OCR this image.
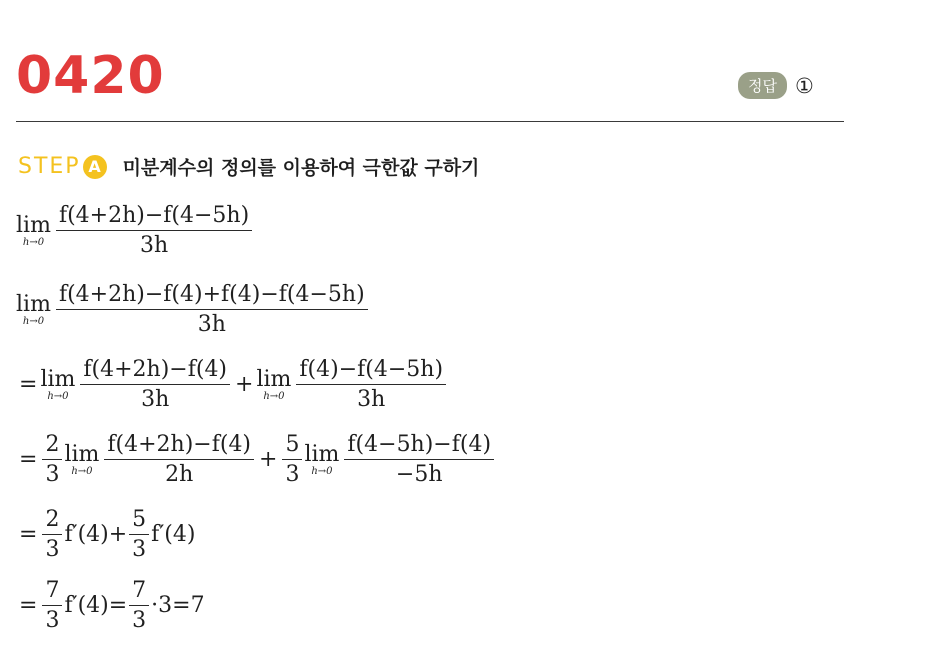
0420	정답 ①
STEP A	미분계수의 정의를 이용하여 극한값 구하기
lim
$h\to 0 \frac{f(4+2h)-f(4-5h)}{3h}$
lim
$h\to 0 \frac{f(4+2h)-f(4)+f(4)-f(4-5h)}{3h}$
= lim
$h\to 0 \frac{f(4+2h)-f(4)}{3h} + \lim$
$h\to 0 \frac{f(4)-f(4-5h)}{3h}$
= $\frac{2}{3}$ lim
$h\to 0 \frac{f(4+2h)-f(4)}{2h} + \frac{5}{3}$ lim
$h\to 0 \frac{f(4-5h)-f(4)}{-5h}$
= $\frac{2}{3} f'(4)+ \frac{5}{3} f'(4)$
= $\frac{7}{3} f'(4)= \frac{7}{3} \cdot 3=7$
